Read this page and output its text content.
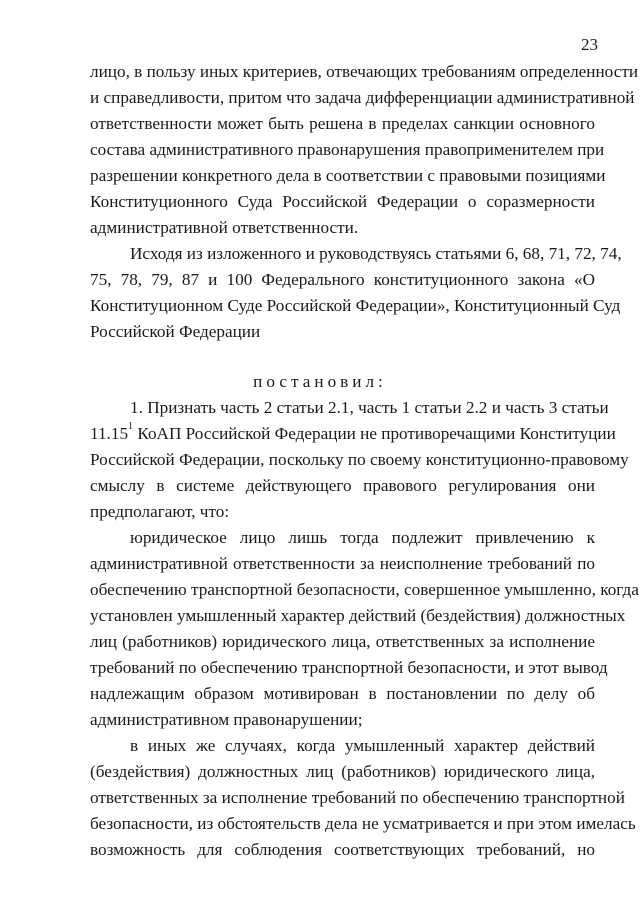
23
лицо, в пользу иных критериев, отвечающих требованиям определенности
и справедливости, притом что задача дифференциации административной
ответственности может быть решена в пределах санкции основного
состава административного правонарушения правоприменителем при
разрешении конкретного дела в соответствии с правовыми позициями
Конституционного Суда Российской Федерации о соразмерности
административной ответственности.
Исходя из изложенного и руководствуясь статьями 6, 68, 71, 72, 74,
75, 78, 79, 87 и 100 Федерального конституционного закона «О
Конституционном Суде Российской Федерации», Конституционный Суд
Российской Федерации
постановил:
1. Признать часть 2 статьи 2.1, часть 1 статьи 2.2 и часть 3 статьи
11.15$^1$ КоАП Российской Федерации не противоречащими Конституции
Российской Федерации, поскольку по своему конституционно-правовому
смыслу в системе действующего правового регулирования они
предполагают, что:
юридическое лицо лишь тогда подлежит привлечению к
административной ответственности за неисполнение требований по
обеспечению транспортной безопасности, совершенное умышленно, когда
установлен умышленный характер действий (бездействия) должностных
лиц (работников) юридического лица, ответственных за исполнение
требований по обеспечению транспортной безопасности, и этот вывод
надлежащим образом мотивирован в постановлении по делу об
административном правонарушении;
в иных же случаях, когда умышленный характер действий
(бездействия) должностных лиц (работников) юридического лица,
ответственных за исполнение требований по обеспечению транспортной
безопасности, из обстоятельств дела не усматривается и при этом имелась
возможность для соблюдения соответствующих требований, но
